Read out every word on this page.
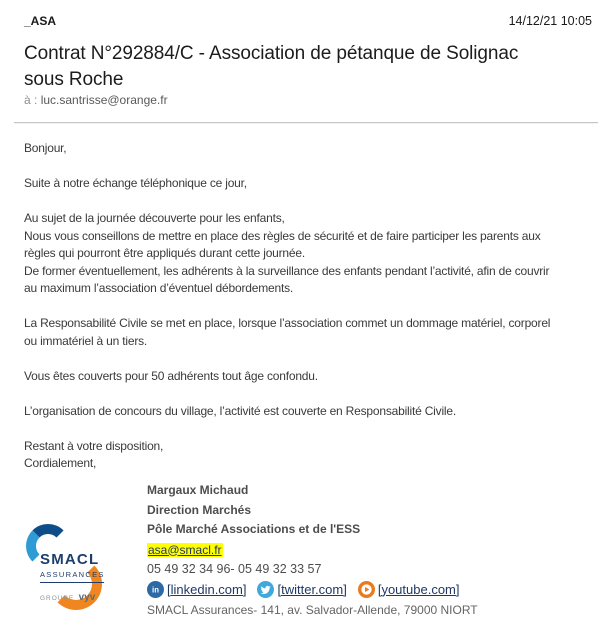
_ASA	14/12/21 10:05
Contrat N°292884/C - Association de pétanque de Solignac
sous Roche
à : luc.santrisse@orange.fr
Bonjour,
Suite à notre échange téléphonique ce jour,
Au sujet de la journée découverte pour les enfants,
Nous vous conseillons de mettre en place des règles de sécurité et de faire participer les parents aux
règles qui pourront être appliqués durant cette journée.
De former éventuellement, les adhérents à la surveillance des enfants pendant l’activité, afin de couvrir
au maximum l’association d’éventuel débordements.
La Responsabilité Civile se met en place, lorsque l’association commet un dommage matériel, corporel
ou immatériel à un tiers.
Vous êtes couverts pour 50 adhérents tout âge confondu.
L’organisation de concours du village, l’activité est couverte en Responsabilité Civile.
Restant à votre disposition,
Cordialement,
SMACL
ASSURANCES
GROUPE vyv
Margaux Michaud
Direction Marchés
Pôle Marché Associations et de l'ESS
asa@smacl.fr
05 49 32 34 96- 05 49 32 33 57
in [linkedin.com] [twitter.com] [youtube.com]
SMACL Assurances- 141, av. Salvador-Allende, 79000 NIORT
